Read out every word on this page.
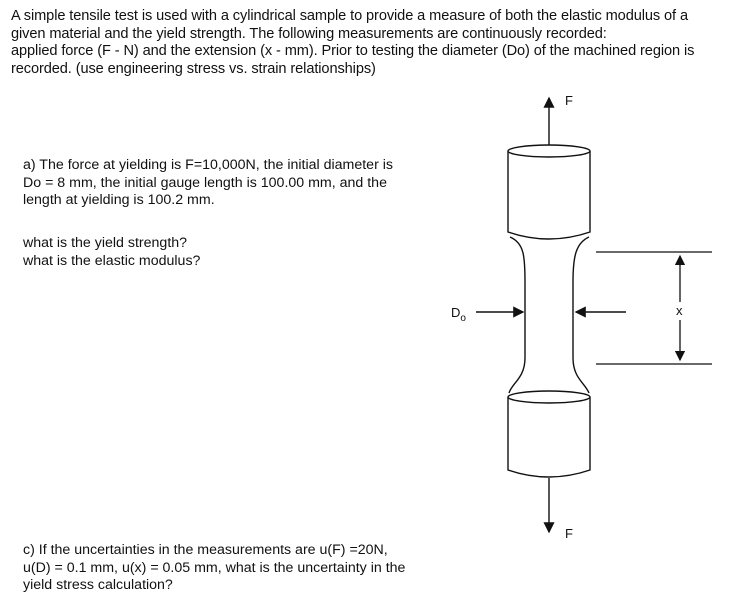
A simple tensile test is used with a cylindrical sample to provide a measure of both the elastic modulus of a

given material and the yield strength. The following measurements are continuously recorded:

applied force (F - N) and the extension (x - mm). Prior to testing the diameter (Do) of the machined region is

recorded. (use engineering stress vs. strain relationships)

a) The force at yielding is F=10,000N, the initial diameter is

Do = 8 mm, the initial gauge length is 100.00 mm, and the

length at yielding is 100.2 mm.

what is the yield strength?

what is the elastic modulus?

c) If the uncertainties in the measurements are u(F) =20N,

u(D) = 0.1 mm, u(x) = 0.05 mm, what is the uncertainty in the

yield stress calculation?

F
F
$D_o$
x
